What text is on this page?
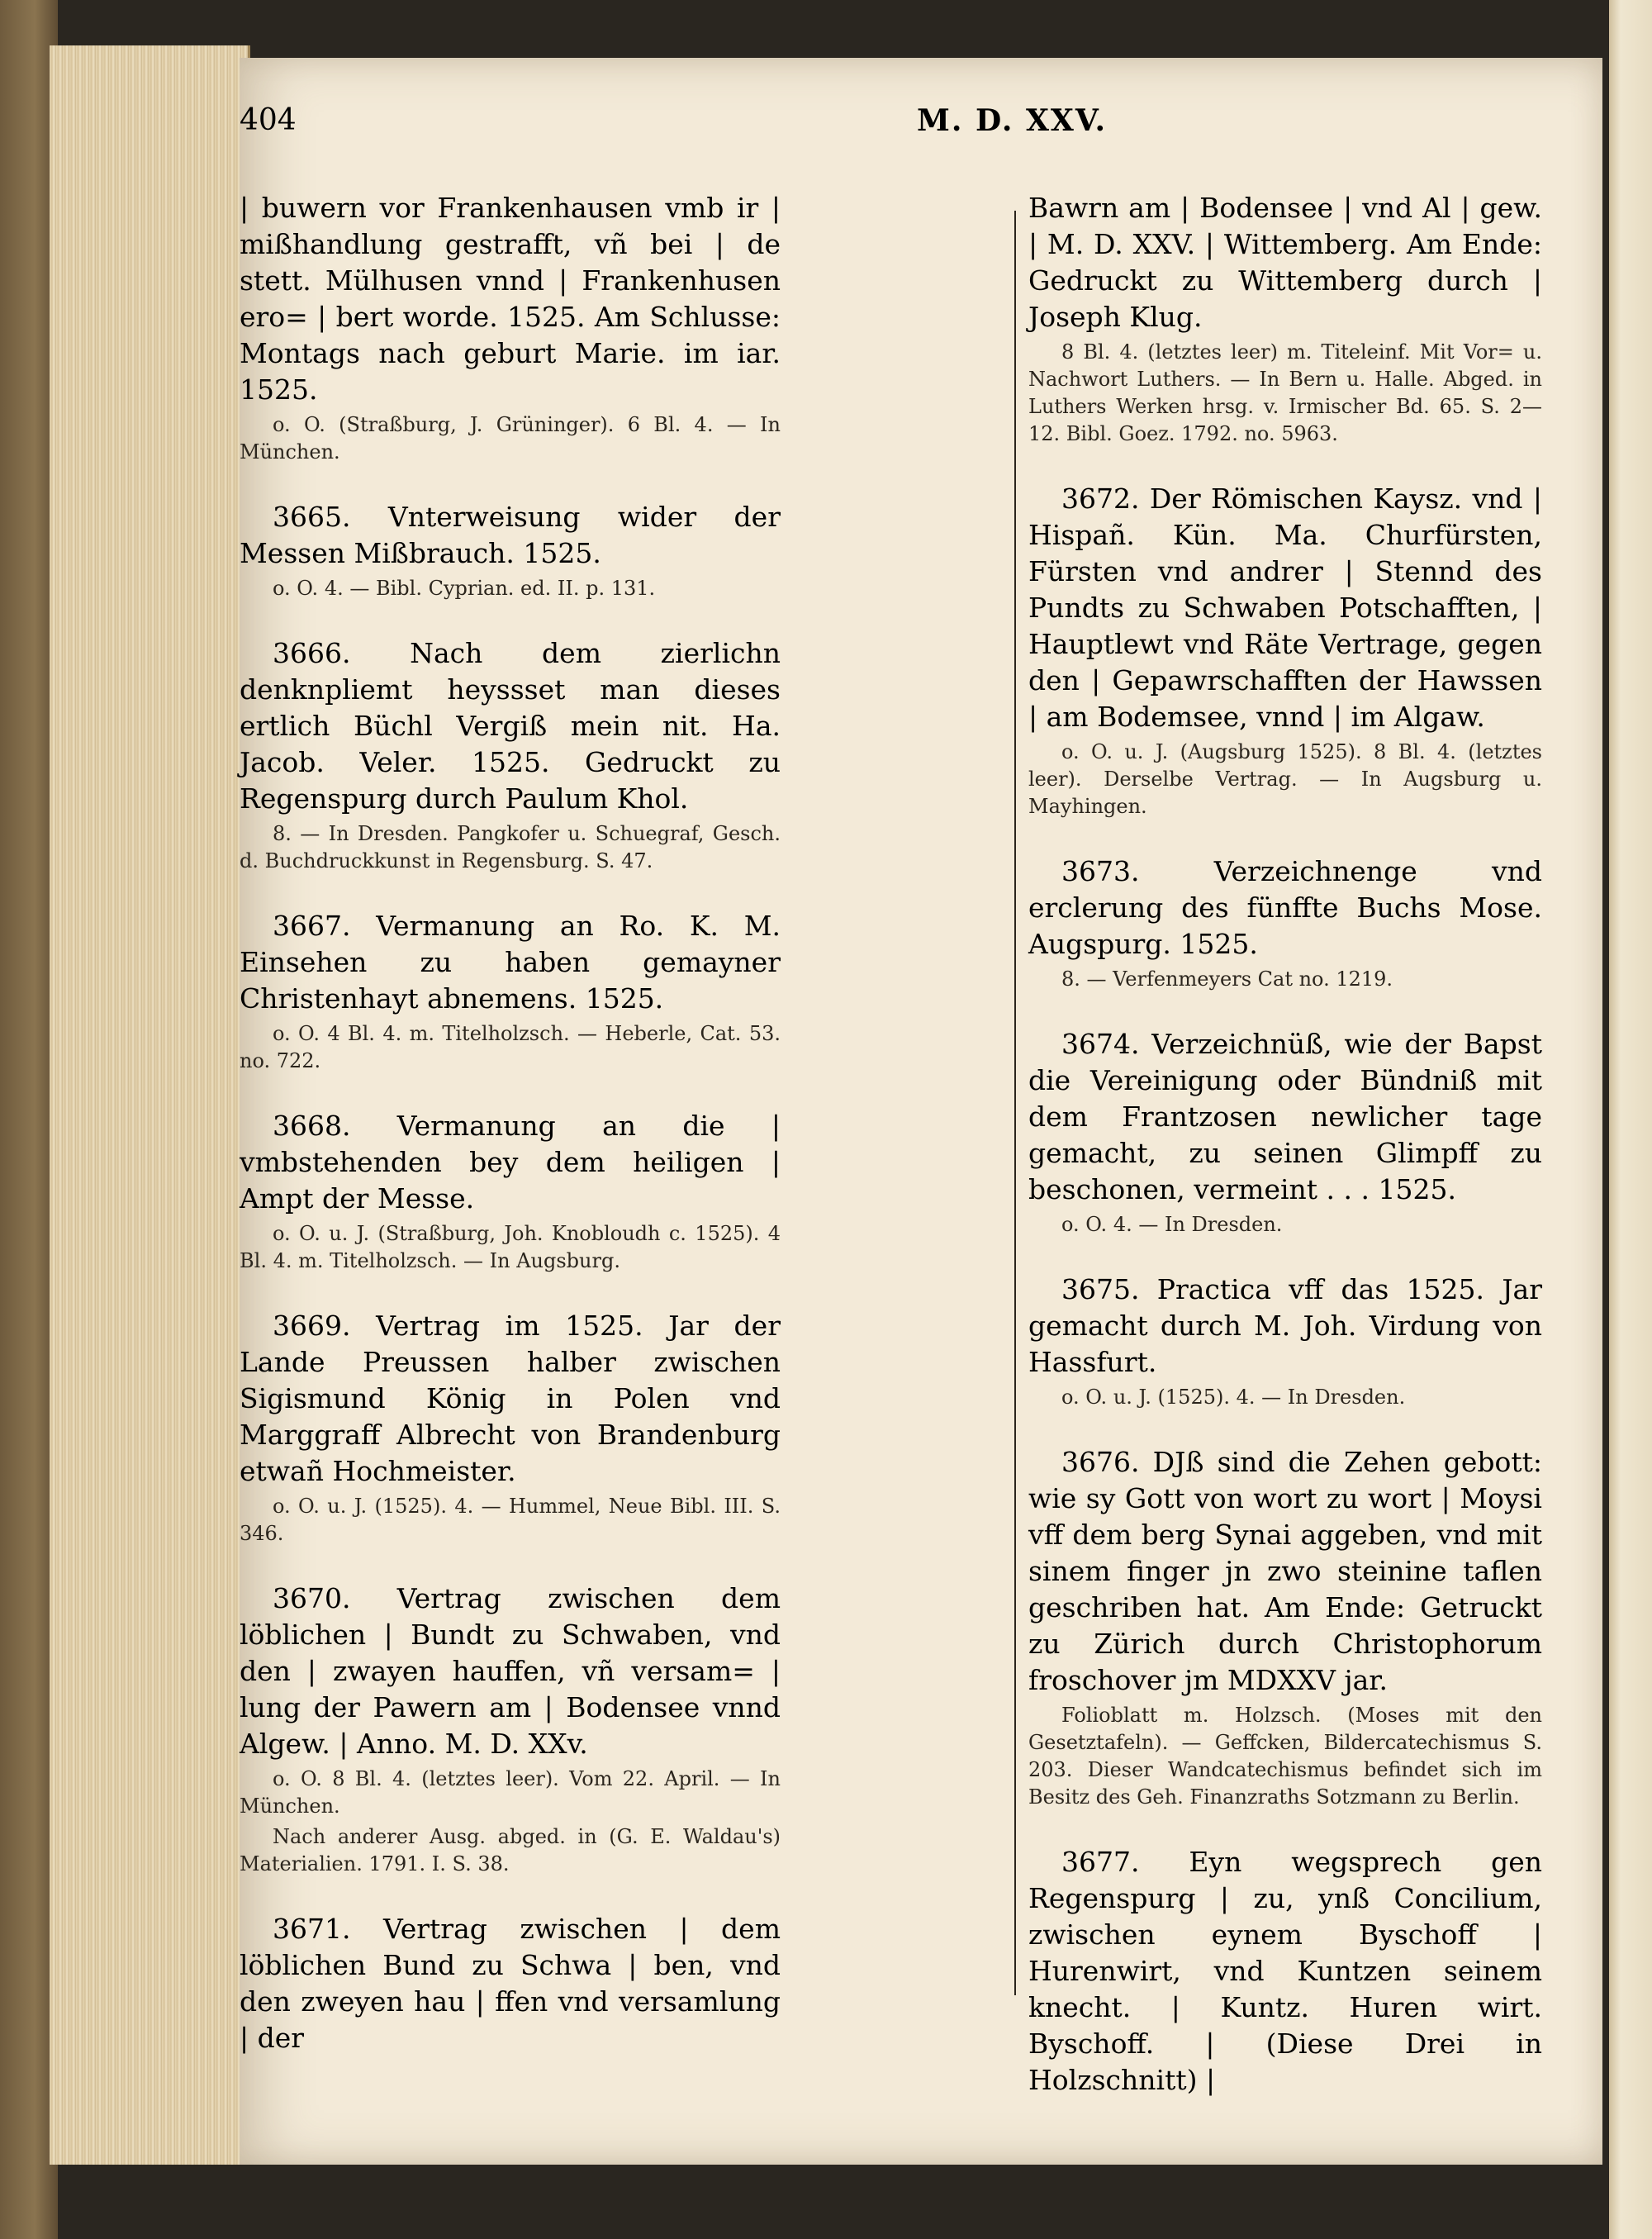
404	M. D. XXV.

| buwern vor Frankenhausen vmb ir | mißhandlung gestrafft, vñ bei | de stett. Mülhusen vnnd | Frankenhusen ero= | bert worde. 1525. Am Schlusse: Montags nach geburt Marie. im iar. 1525.

o. O. (Straßburg, J. Grüninger). 6 Bl. 4. — In München.

3665. Vnterweisung wider der Messen Mißbrauch. 1525.

o. O. 4. — Bibl. Cyprian. ed. II. p. 131.

3666. Nach dem zierlichn denknpliemt heyssset man dieses ertlich Büchl Vergiß mein nit. Ha. Jacob. Veler. 1525. Gedruckt zu Regenspurg durch Paulum Khol.

8. — In Dresden. Pangkofer u. Schuegraf, Gesch. d. Buchdruckkunst in Regensburg. S. 47.

3667. Vermanung an Ro. K. M. Einsehen zu haben gemayner Christenhayt abnemens. 1525.

o. O. 4 Bl. 4. m. Titelholzsch. — Heberle, Cat. 53. no. 722.

3668. Vermanung an die | vmbstehenden bey dem heiligen | Ampt der Messe.

o. O. u. J. (Straßburg, Joh. Knobloudh c. 1525). 4 Bl. 4. m. Titelholzsch. — In Augsburg.

3669. Vertrag im 1525. Jar der Lande Preussen halber zwischen Sigismund König in Polen vnd Marggraff Albrecht von Brandenburg etwañ Hochmeister.

o. O. u. J. (1525). 4. — Hummel, Neue Bibl. III. S. 346.

3670. Vertrag zwischen dem löblichen | Bundt zu Schwaben, vnd den | zwayen hauffen, vñ versam= | lung der Pawern am | Bodensee vnnd Algew. | Anno. M. D. XXv.

o. O. 8 Bl. 4. (letztes leer). Vom 22. April. — In München.

Nach anderer Ausg. abged. in (G. E. Waldau's) Materialien. 1791. I. S. 38.

3671. Vertrag zwischen | dem löblichen Bund zu Schwa | ben, vnd den zweyen hau | ffen vnd versamlung | der

Bawrn am | Bodensee | vnd Al | gew. | M. D. XXV. | Wittemberg. Am Ende: Gedruckt zu Wittemberg durch | Joseph Klug.

8 Bl. 4. (letztes leer) m. Titeleinf. Mit Vor= u. Nachwort Luthers. — In Bern u. Halle. Abged. in Luthers Werken hrsg. v. Irmischer Bd. 65. S. 2—12. Bibl. Goez. 1792. no. 5963.

3672. Der Römischen Kaysz. vnd | Hispañ. Kün. Ma. Churfürsten, Fürsten vnd andrer | Stennd des Pundts zu Schwaben Potschafften, | Hauptlewt vnd Räte Vertrage, gegen den | Gepawrschafften der Hawssen | am Bodemsee, vnnd | im Algaw.

o. O. u. J. (Augsburg 1525). 8 Bl. 4. (letztes leer). Derselbe Vertrag. — In Augsburg u. Mayhingen.

3673. Verzeichnenge vnd erclerung des fünffte Buchs Mose. Augspurg. 1525.

8. — Verfenmeyers Cat no. 1219.

3674. Verzeichnüß, wie der Bapst die Vereinigung oder Bündniß mit dem Frantzosen newlicher tage gemacht, zu seinen Glimpff zu beschonen, vermeint . . . 1525.

o. O. 4. — In Dresden.

3675. Practica vff das 1525. Jar gemacht durch M. Joh. Virdung von Hassfurt.

o. O. u. J. (1525). 4. — In Dresden.

3676. DJß sind die Zehen gebott: wie sy Gott von wort zu wort | Moysi vff dem berg Synai aggeben, vnd mit sinem finger jn zwo steinine taflen geschriben hat. Am Ende: Getruckt zu Zürich durch Christophorum froschover jm MDXXV jar.

Folioblatt m. Holzsch. (Moses mit den Gesetztafeln). — Geffcken, Bildercatechismus S. 203. Dieser Wandcatechismus befindet sich im Besitz des Geh. Finanzraths Sotzmann zu Berlin.

3677. Eyn wegsprech gen Regenspurg | zu, ynß Concilium, zwischen eynem Byschoff | Hurenwirt, vnd Kuntzen seinem knecht. | Kuntz. Huren wirt. Byschoff. | (Diese Drei in Holzschnitt) |
